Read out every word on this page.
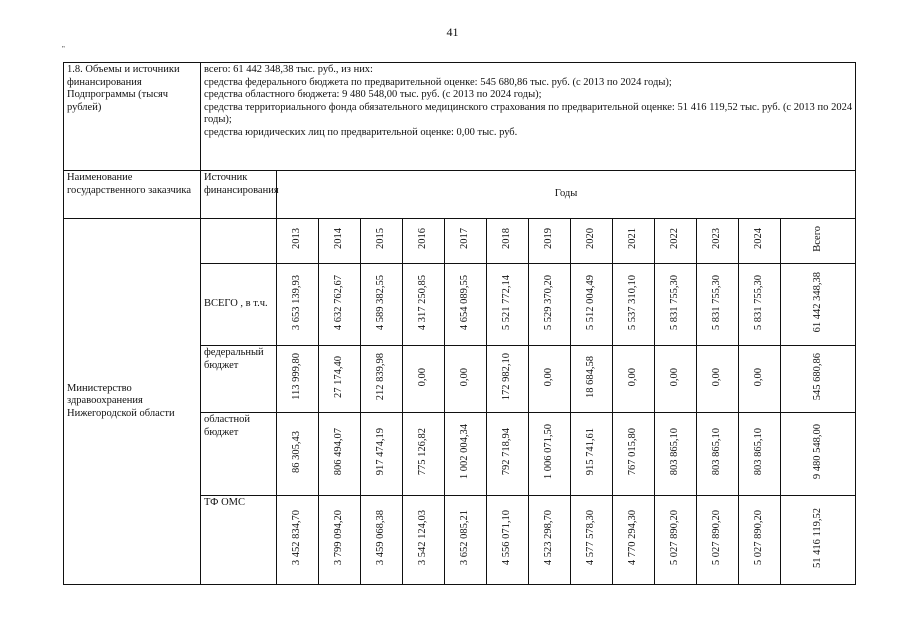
41
"
1.8. Объемы и источники финансирования Подпрограммы (тысяч рублей)	всего: 61 442 348,38 тыс. руб., из них:

средства федерального бюджета по предварительной оценке: 545 680,86 тыс. руб. (с 2013 по 2024 годы);

средства областного бюджета: 9 480 548,00 тыс. руб. (с 2013 по 2024 годы);

средства территориального фонда обязательного медицинского страхования по предварительной оценке: 51 416 119,52 тыс. руб. (с 2013 по 2024 годы);

средства юридических лиц по предварительной оценке: 0,00 тыс. руб.													

Наименование государственного заказчика	Источник финансирования	Годы												
Министерство здравоохранения Нижегородской области		2013	2014	2015	2016	2017	2018	2019	2020	2021	2022	2023	2024	Всего
	ВСЕГО , в т.ч.	3 653 139,93	4 632 762,67	4 589 382,55	4 317 250,85	4 654 089,55	5 521 772,14	5 529 370,20	5 512 004,49	5 537 310,10	5 831 755,30	5 831 755,30	5 831 755,30	61 442 348,38
	федеральный бюджет	113 999,80	27 174,40	212 839,98	0,00	0,00	172 982,10	0,00	18 684,58	0,00	0,00	0,00	0,00	545 680,86
	областной бюджет	86 305,43	806 494,07	917 474,19	775 126,82	1 002 004,34	792 718,94	1 006 071,50	915 741,61	767 015,80	803 865,10	803 865,10	803 865,10	9 480 548,00
	ТФ ОМС	3 452 834,70	3 799 094,20	3 459 068,38	3 542 124,03	3 652 085,21	4 556 071,10	4 523 298,70	4 577 578,30	4 770 294,30	5 027 890,20	5 027 890,20	5 027 890,20	51 416 119,52
